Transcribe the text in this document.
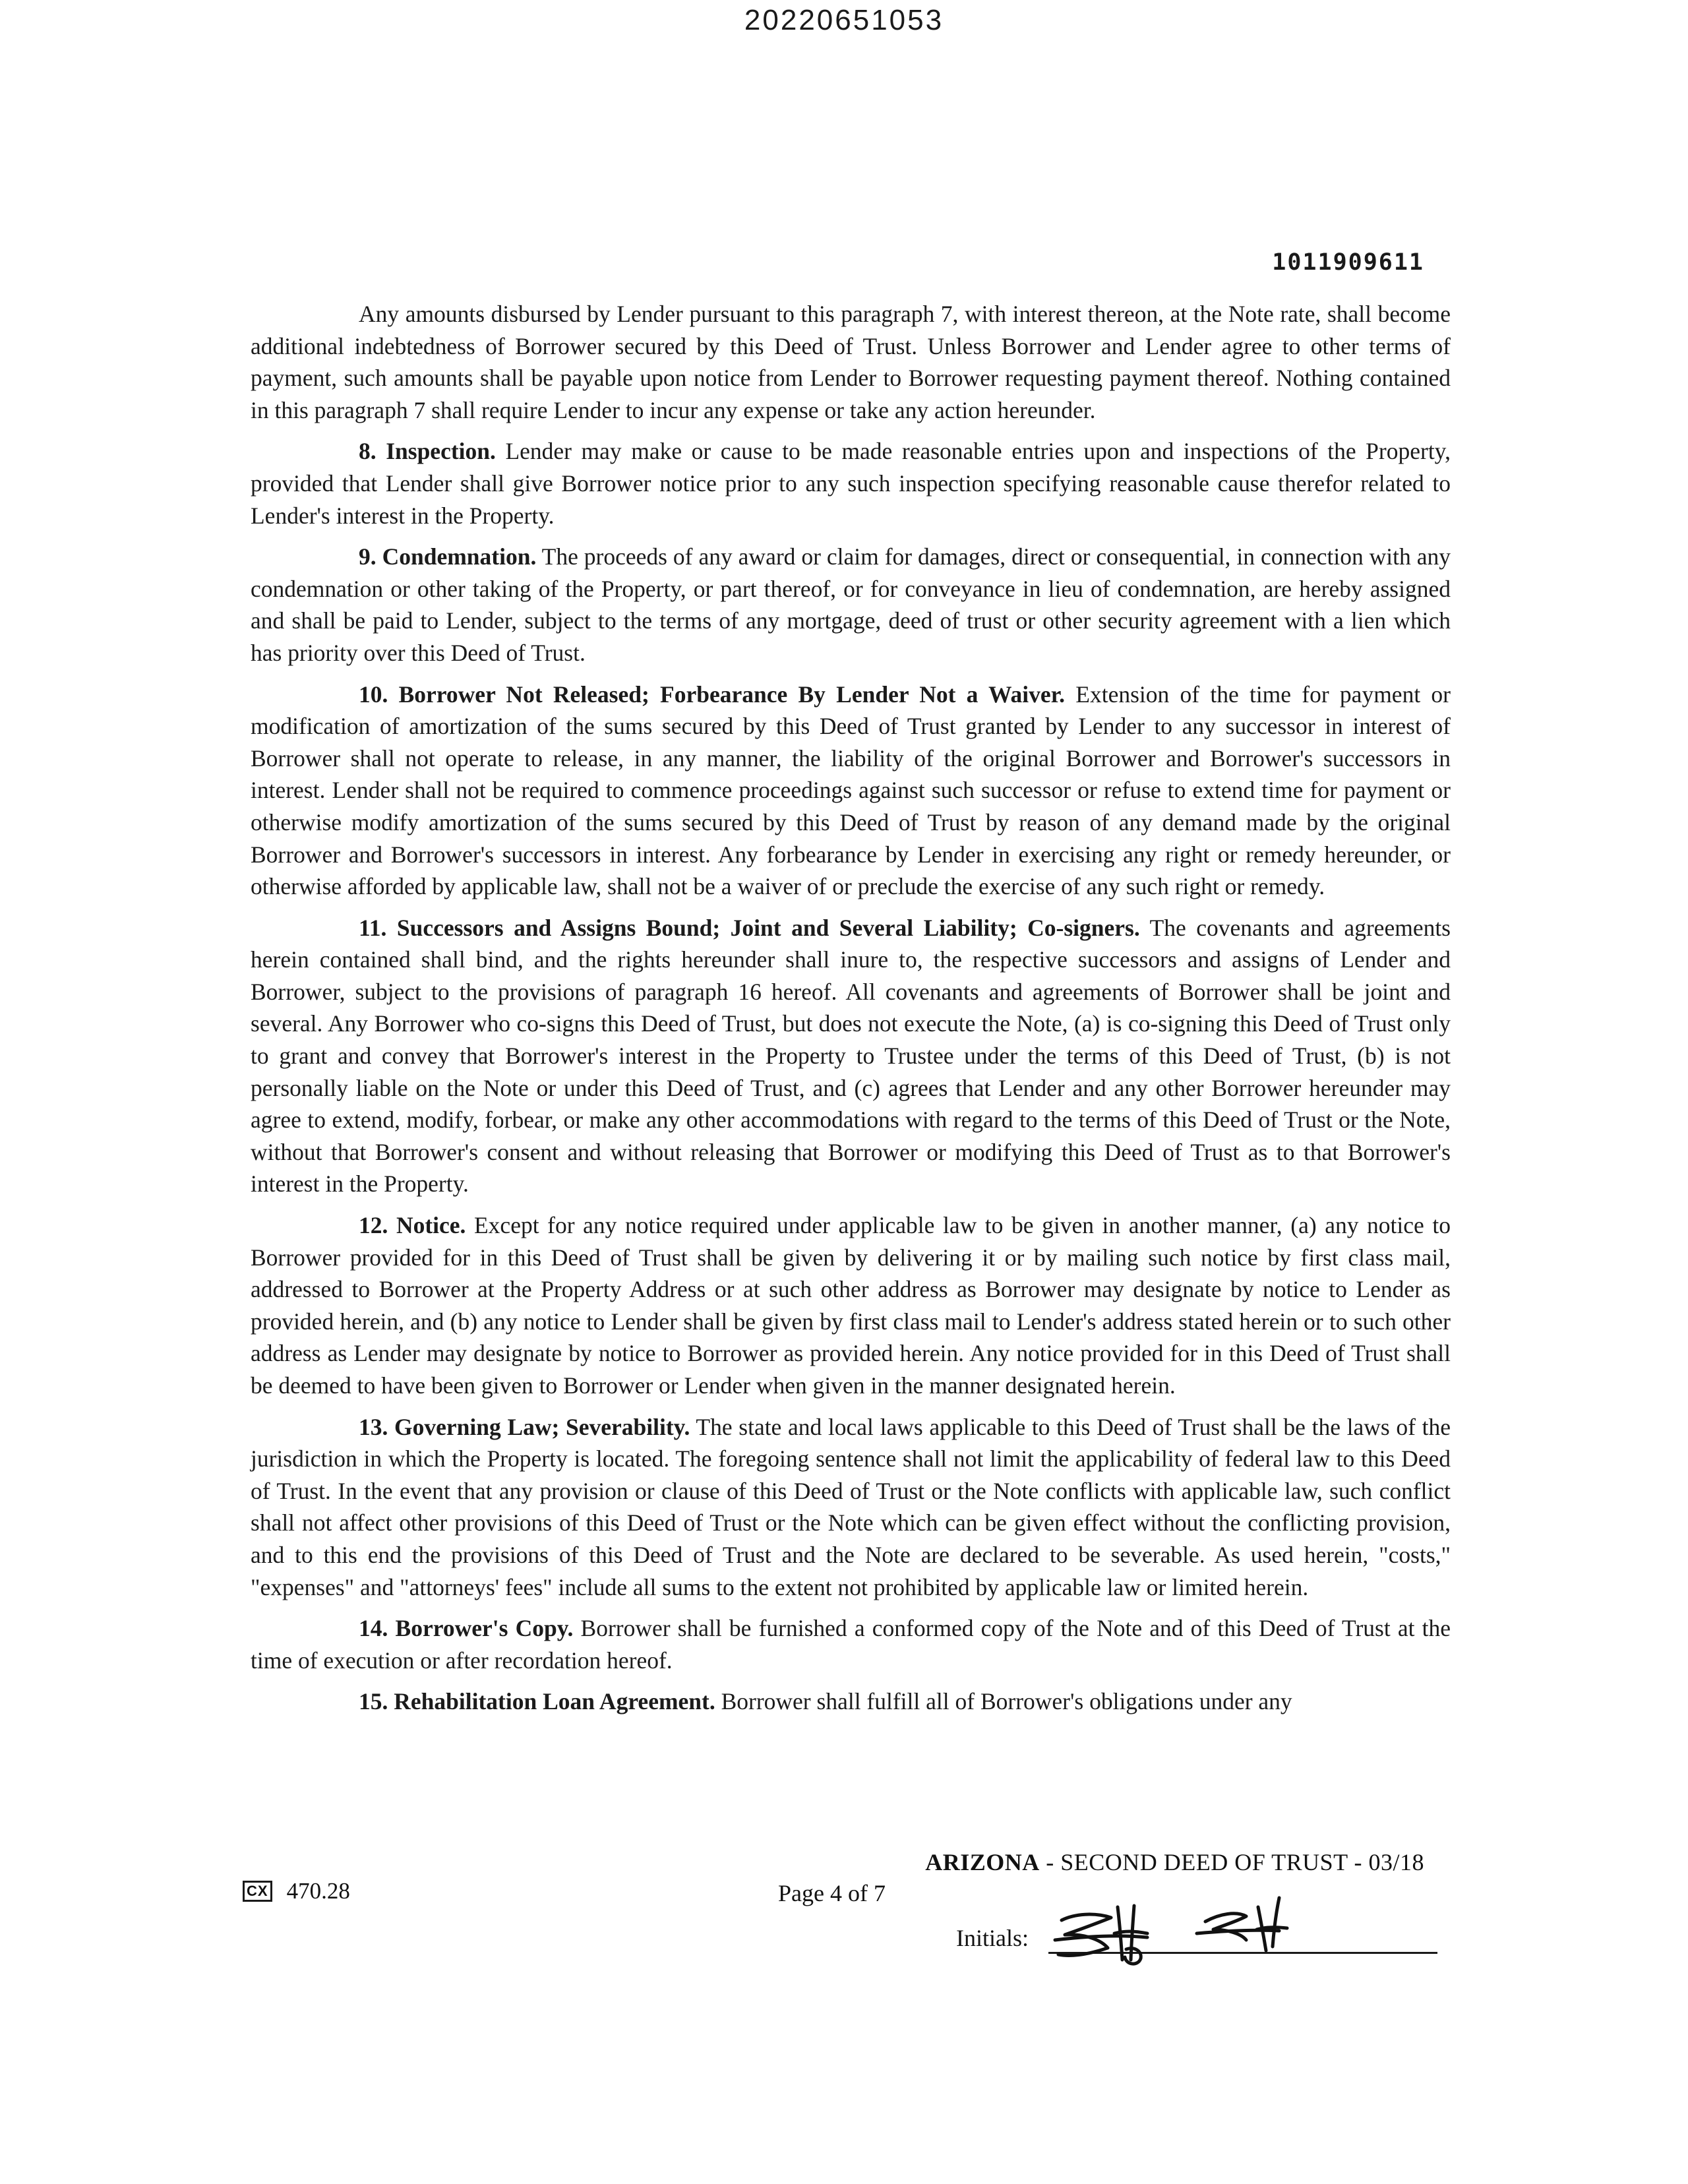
20220651053
1011909611

Any amounts disbursed by Lender pursuant to this paragraph 7, with interest thereon, at the Note rate, shall become additional indebtedness of Borrower secured by this Deed of Trust. Unless Borrower and Lender agree to other terms of payment, such amounts shall be payable upon notice from Lender to Borrower requesting payment thereof. Nothing contained in this paragraph 7 shall require Lender to incur any expense or take any action hereunder.

8. Inspection. Lender may make or cause to be made reasonable entries upon and inspections of the Property, provided that Lender shall give Borrower notice prior to any such inspection specifying reasonable cause therefor related to Lender's interest in the Property.

9. Condemnation. The proceeds of any award or claim for damages, direct or consequential, in connection with any condemnation or other taking of the Property, or part thereof, or for conveyance in lieu of condemnation, are hereby assigned and shall be paid to Lender, subject to the terms of any mortgage, deed of trust or other security agreement with a lien which has priority over this Deed of Trust.

10. Borrower Not Released; Forbearance By Lender Not a Waiver. Extension of the time for payment or modification of amortization of the sums secured by this Deed of Trust granted by Lender to any successor in interest of Borrower shall not operate to release, in any manner, the liability of the original Borrower and Borrower's successors in interest. Lender shall not be required to commence proceedings against such successor or refuse to extend time for payment or otherwise modify amortization of the sums secured by this Deed of Trust by reason of any demand made by the original Borrower and Borrower's successors in interest. Any forbearance by Lender in exercising any right or remedy hereunder, or otherwise afforded by applicable law, shall not be a waiver of or preclude the exercise of any such right or remedy.

11. Successors and Assigns Bound; Joint and Several Liability; Co-signers. The covenants and agreements herein contained shall bind, and the rights hereunder shall inure to, the respective successors and assigns of Lender and Borrower, subject to the provisions of paragraph 16 hereof. All covenants and agreements of Borrower shall be joint and several. Any Borrower who co-signs this Deed of Trust, but does not execute the Note, (a) is co-signing this Deed of Trust only to grant and convey that Borrower's interest in the Property to Trustee under the terms of this Deed of Trust, (b) is not personally liable on the Note or under this Deed of Trust, and (c) agrees that Lender and any other Borrower hereunder may agree to extend, modify, forbear, or make any other accommodations with regard to the terms of this Deed of Trust or the Note, without that Borrower's consent and without releasing that Borrower or modifying this Deed of Trust as to that Borrower's interest in the Property.

12. Notice. Except for any notice required under applicable law to be given in another manner, (a) any notice to Borrower provided for in this Deed of Trust shall be given by delivering it or by mailing such notice by first class mail, addressed to Borrower at the Property Address or at such other address as Borrower may designate by notice to Lender as provided herein, and (b) any notice to Lender shall be given by first class mail to Lender's address stated herein or to such other address as Lender may designate by notice to Borrower as provided herein. Any notice provided for in this Deed of Trust shall be deemed to have been given to Borrower or Lender when given in the manner designated herein.

13. Governing Law; Severability. The state and local laws applicable to this Deed of Trust shall be the laws of the jurisdiction in which the Property is located. The foregoing sentence shall not limit the applicability of federal law to this Deed of Trust. In the event that any provision or clause of this Deed of Trust or the Note conflicts with applicable law, such conflict shall not affect other provisions of this Deed of Trust or the Note which can be given effect without the conflicting provision, and to this end the provisions of this Deed of Trust and the Note are declared to be severable. As used herein, "costs," "expenses" and "attorneys' fees" include all sums to the extent not prohibited by applicable law or limited herein.

14. Borrower's Copy. Borrower shall be furnished a conformed copy of the Note and of this Deed of Trust at the time of execution or after recordation hereof.

15. Rehabilitation Loan Agreement. Borrower shall fulfill all of Borrower's obligations under any

CX 470.28	Page 4 of 7
ARIZONA - SECOND DEED OF TRUST - 03/18
Initials:
